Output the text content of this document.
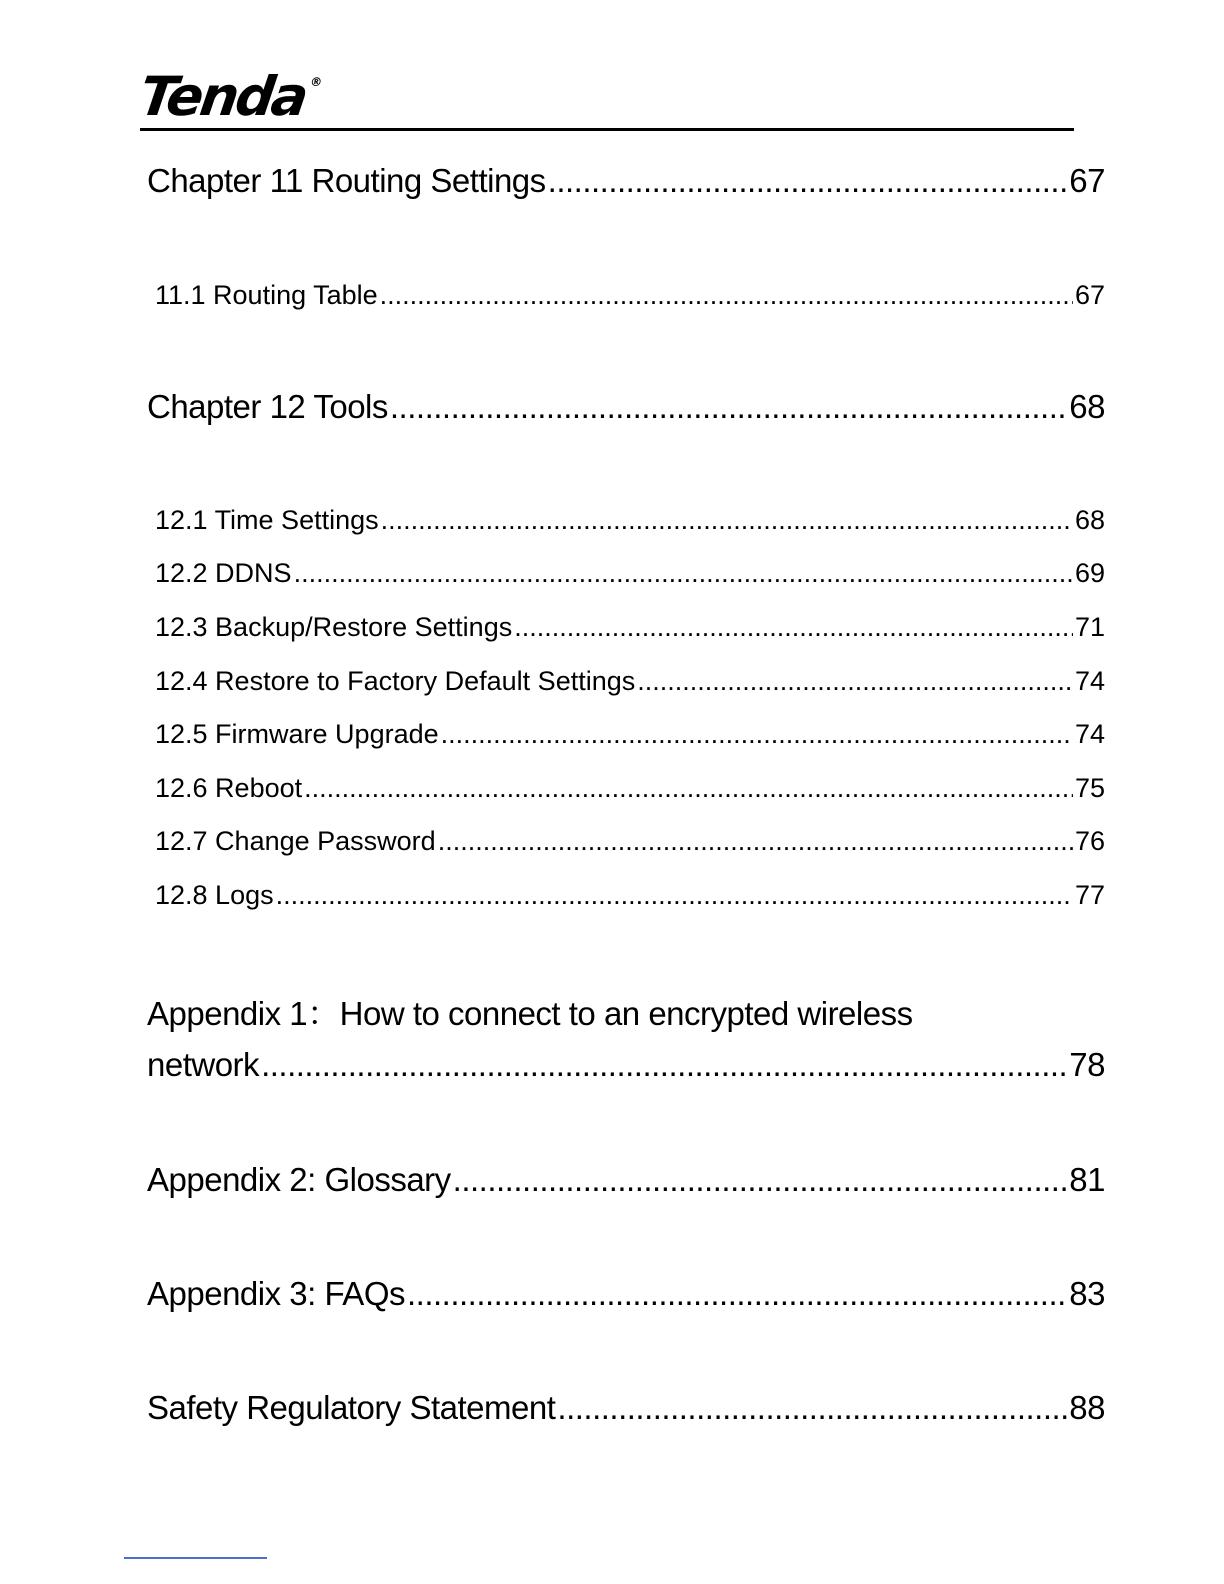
Tenda®
Chapter 11 Routing Settings .....	67
11.1 Routing Table .....	67
Chapter 12 Tools .....	68
12.1 Time Settings .....	68
12.2 DDNS .....	69
12.3 Backup/Restore Settings .....	71
12.4 Restore to Factory Default Settings .....	74
12.5 Firmware Upgrade .....	74
12.6 Reboot .....	75
12.7 Change Password .....	76
12.8 Logs .....	77
Appendix 1：How to connect to an encrypted wireless
network .....	78
Appendix 2: Glossary .....	81
Appendix 3: FAQs .....	83
Safety Regulatory Statement .....	88
